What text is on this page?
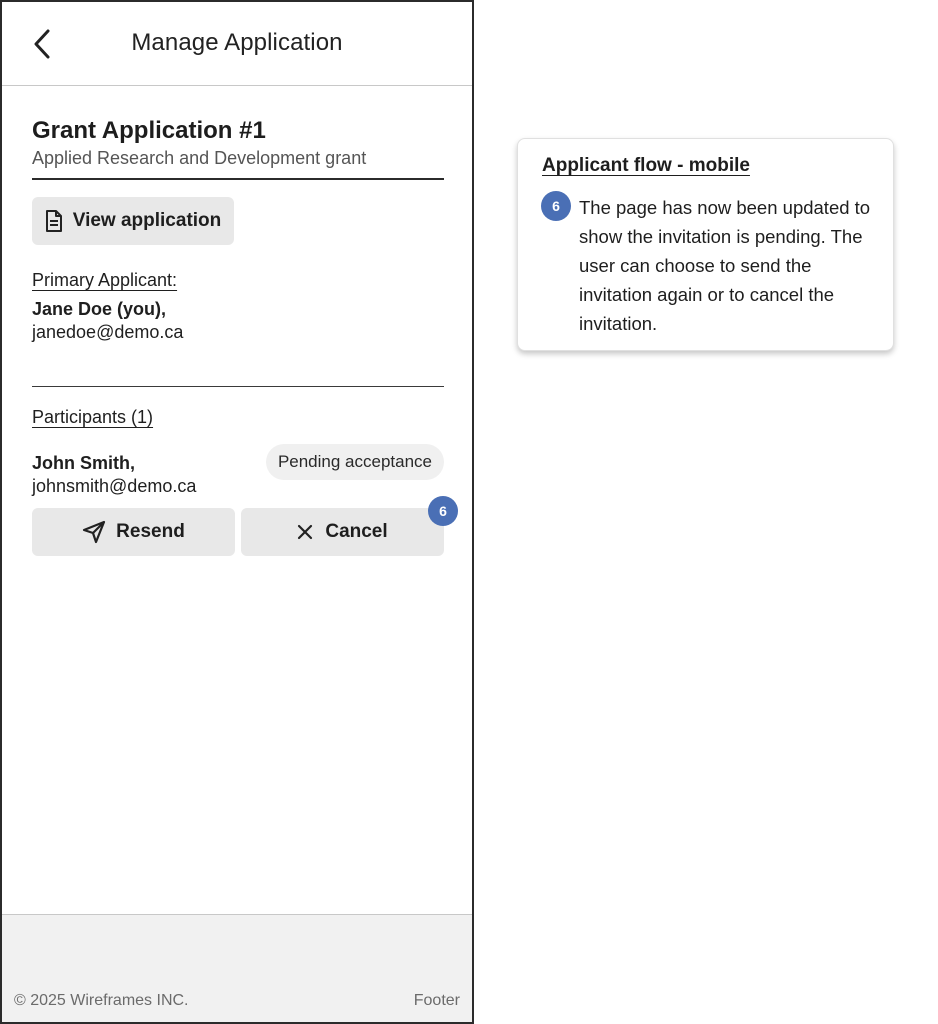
Manage Application
Grant Application #1
Applied Research and Development grant
View application
Primary Applicant:
Jane Doe (you),
janedoe@demo.ca
Participants (1)
John Smith,
johnsmith@demo.ca
Pending acceptance
Resend	Cancel
6
© 2025 Wireframes INC.	Footer
Applicant flow - mobile
6	The page has now been updated to show the invitation is pending. The user can choose to send the invitation again or to cancel the invitation.
